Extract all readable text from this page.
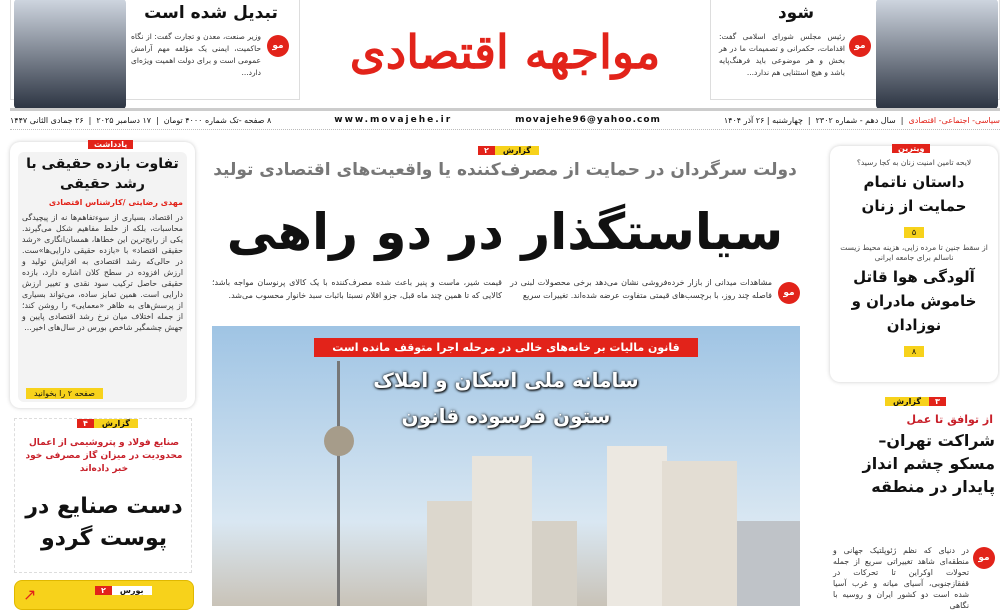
تبدیل شده است
مو
وزیر صنعت، معدن و تجارت گفت: از نگاه حاکمیت، ایمنی یک مؤلفه مهم آرامش عمومی است و برای دولت اهمیت ویژه‌ای دارد...	مواجهه اقتصادی
شود
مو
رئیس مجلس شورای اسلامی گفت: اقدامات، حکمرانی و تصمیمات ما در هر بخش و هر موضوعی باید فرهنگ‌پایه باشد و هیچ استثنایی هم ندارد...
۸ صفحه -تک شماره ۴۰۰۰ تومان
|
۱۷ دسامبر ۲۰۲۵
|
۲۶ جمادی الثانی ۱۴۴۷	www.movajehe.ir	movajehe96@yahoo.com	سیاسی- اجتماعی- اقتصادی
|
سال دهم - شماره ۲۳۰۲
|
چهارشنبه | ۲۶ آذر ۱۴۰۴
یادداشت
تفاوت بازده حقیقی با رشد حقیقی
مهدی رضایتی /کارشناس اقتصادی
در اقتصاد، بسیاری از سوءتفاهم‌ها نه از پیچیدگی محاسبات، بلکه از خلط مفاهیم شکل می‌گیرند. یکی از رایج‌ترین این خطاها، همسان‌انگاری «رشد حقیقی اقتصاد» با «بازده حقیقی دارایی‌ها»ست. در حالی‌که رشد اقتصادی به افزایش تولید و ارزش افزوده در سطح کلان اشاره دارد، بازده حقیقی حاصل ترکیب سود نقدی و تغییر ارزش دارایی است. همین تمایز ساده، می‌تواند بسیاری از پرسش‌های به ظاهر «معمایی» را روشن کند؛ از جمله اختلاف میان نرخ رشد اقتصادی پایین و جهش چشمگیر شاخص بورس در سال‌های اخیر...
صفحه ۲ را بخوانید
گزارش
۴
صنایع فولاد و پتروشیمی از اعمال محدودیت در میزان گاز مصرفی خود خبر داده‌اند
دست صنایع در پوست گردو
بورس
۲
↗
گزارش
۲
دولت سرگردان در حمایت از مصرف‌کننده یا واقعیت‌های اقتصادی تولید
سیاستگذار در دو راهی
مو
مشاهدات میدانی از بازار خرده‌فروشی نشان می‌دهد برخی محصولات لبنی در فاصله چند روز، با برچسب‌های قیمتی متفاوت عرضه شده‌اند. تغییرات سریع
قیمت شیر، ماست و پنیر باعث شده مصرف‌کننده با یک کالای پرنوسان مواجه باشد؛ کالایی که تا همین چند ماه قبل، جزو اقلام نسبتا باثبات سبد خانوار محسوب می‌شد.
قانون مالیات بر خانه‌های خالی در مرحله اجرا متوقف مانده است
سامانه ملی اسکان و املاک
ستون فرسوده قانون
ویترین
لایحه تامین امنیت زنان به کجا رسید؟
داستان ناتمام حمایت از زنان
۵
از سقط جنین تا مرده زایی، هزینه محیط زیست ناسالم برای جامعه ایرانی
آلودگی هوا قاتل خاموش مادران و نوزادان
۸
۳
گزارش
از توافق تا عمل
شراکت تهران–مسکو چشم انداز پایدار در منطقه
مو
در دنیای که نظم ژئوپلتیک جهانی و منطقه‌ای شاهد تغییراتی سریع از جمله تحولات اوکراین تا تحرکات در قفقازجنوبی، آسیای میانه و غرب آسیا شده است دو کشور ایران و روسیه با نگاهی
